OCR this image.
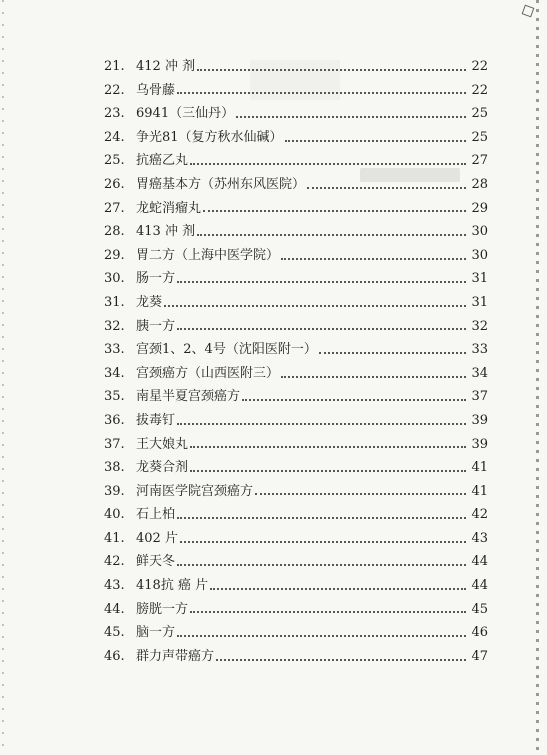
21. 412 冲 剂	22
22. 乌骨藤	22
23. 6941（三仙丹）	25
24. 争光81（复方秋水仙碱）	25
25. 抗癌乙丸	27
26. 胃癌基本方（苏州东风医院）	28
27. 龙蛇消瘤丸	29
28. 413 冲 剂	30
29. 胃二方（上海中医学院）	30
30. 肠一方	31
31. 龙葵	31
32. 胰一方	32
33. 宫颈1、2、4号（沈阳医附一）	33
34. 宫颈癌方（山西医附三）	34
35. 南星半夏宫颈癌方	37
36. 拔毒钉	39
37. 王大娘丸	39
38. 龙葵合剂	41
39. 河南医学院宫颈癌方	41
40. 石上柏	42
41. 402 片	43
42. 鲜天冬	44
43. 418抗 癌 片	44
44. 膀胱一方	45
45. 脑一方	46
46. 群力声带癌方	47
